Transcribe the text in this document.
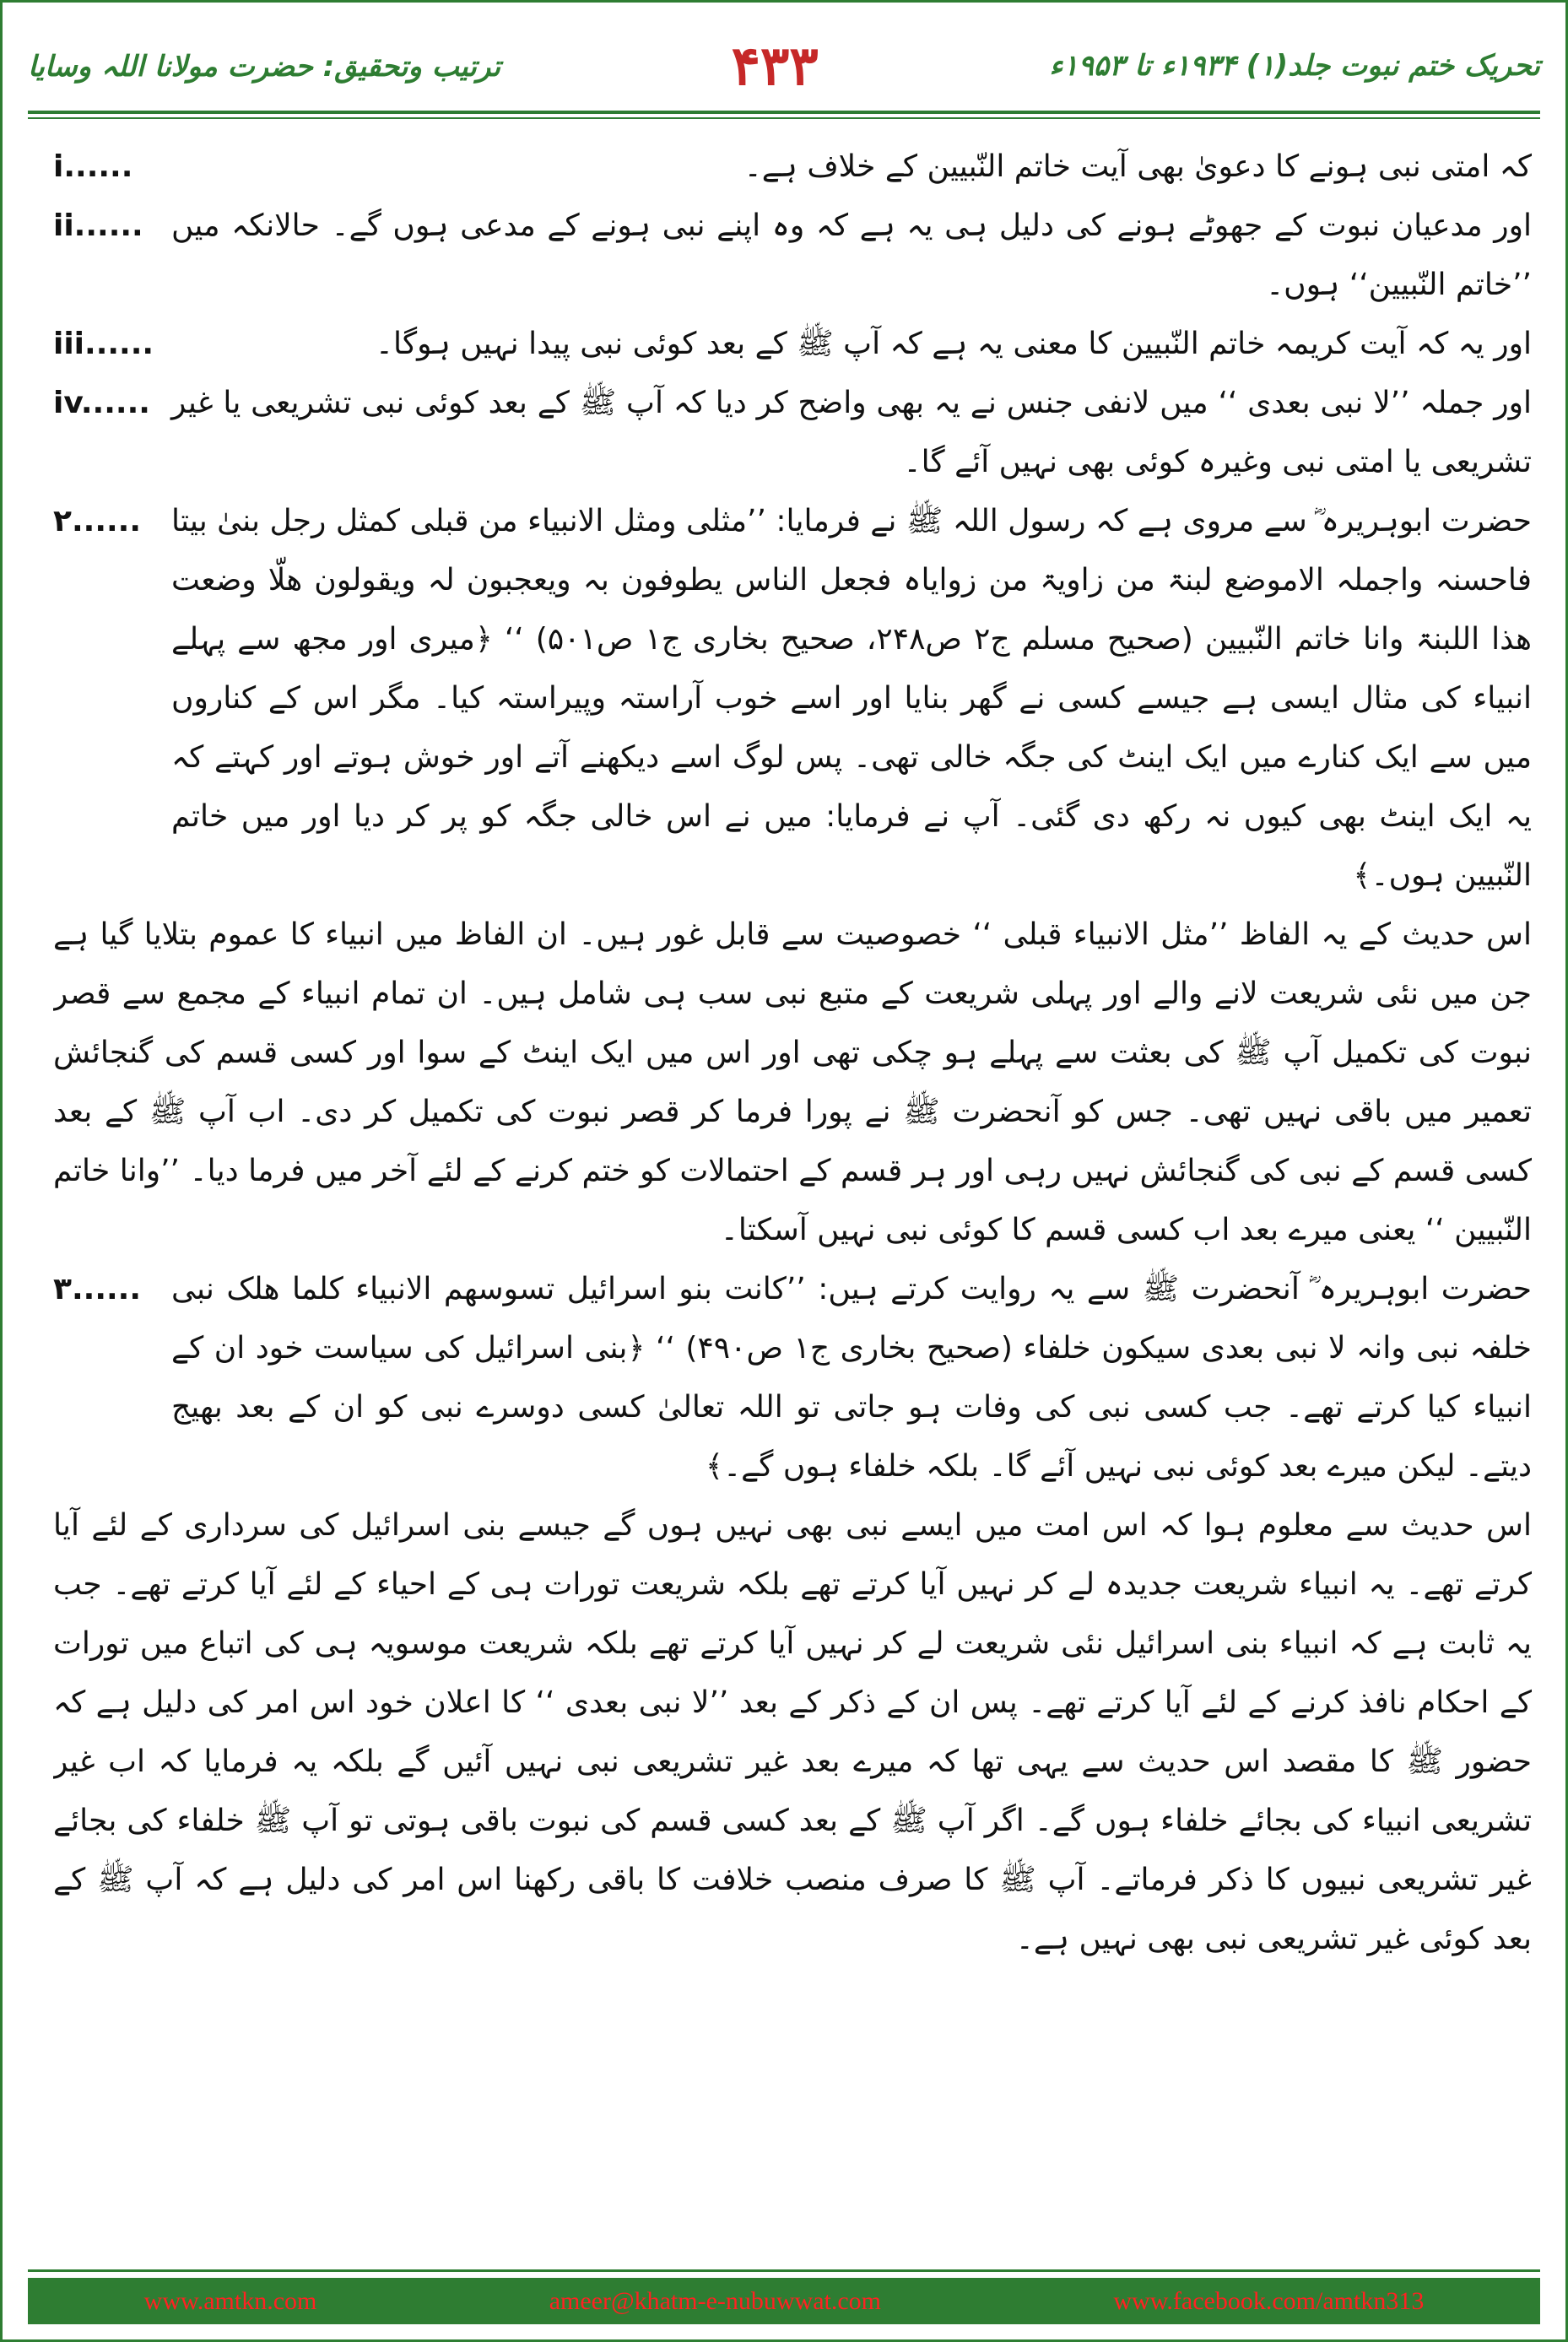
ترتیب وتحقیق: حضرت مولانا اللہ وسایا	۴۳۳	تحریک ختم نبوت جلد(۱) ۱۹۳۴ء تا ۱۹۵۳ء
کہ امتی نبی ہونے کا دعویٰ بھی آیت خاتم النّبیین کے خلاف ہے۔
i......
اور مدعیان نبوت کے جھوٹے ہونے کی دلیل ہی یہ ہے کہ وہ اپنے نبی ہونے کے مدعی ہوں گے۔ حالانکہ میں ’’خاتم النّبیین‘‘ ہوں۔
ii......
اور یہ کہ آیت کریمہ خاتم النّبیین کا معنی یہ ہے کہ آپ ﷺ کے بعد کوئی نبی پیدا نہیں ہوگا۔
iii......
اور جملہ ’’لا نبی بعدی ‘‘ میں لانفی جنس نے یہ بھی واضح کر دیا کہ آپ ﷺ کے بعد کوئی نبی تشریعی یا غیر تشریعی یا امتی نبی وغیرہ کوئی بھی نہیں آئے گا۔
iv......
حضرت ابوہریرہ ؓ سے مروی ہے کہ رسول اللہ ﷺ نے فرمایا: ’’مثلی ومثل الانبیاء من قبلی کمثل رجل بنیٰ بیتا فاحسنہ واجملہ الاموضع لبنۃ من زاویۃ من زوایاہ فجعل الناس یطوفون بہ ویعجبون لہ ویقولون ھلّا وضعت ھذا اللبنۃ وانا خاتم النّبیین (صحیح مسلم ج۲ ص۲۴۸، صحیح بخاری ج۱ ص۵۰۱) ‘‘ ﴿میری اور مجھ سے پہلے انبیاء کی مثال ایسی ہے جیسے کسی نے گھر بنایا اور اسے خوب آراستہ وپیراستہ کیا۔ مگر اس کے کناروں میں سے ایک کنارے میں ایک اینٹ کی جگہ خالی تھی۔ پس لوگ اسے دیکھنے آتے اور خوش ہوتے اور کہتے کہ یہ ایک اینٹ بھی کیوں نہ رکھ دی گئی۔ آپ نے فرمایا: میں نے اس خالی جگہ کو پر کر دیا اور میں خاتم النّبیین ہوں۔﴾
۲......

اس حدیث کے یہ الفاظ ’’مثل الانبیاء قبلی ‘‘ خصوصیت سے قابل غور ہیں۔ ان الفاظ میں انبیاء کا عموم بتلایا گیا ہے جن میں نئی شریعت لانے والے اور پہلی شریعت کے متبع نبی سب ہی شامل ہیں۔ ان تمام انبیاء کے مجمع سے قصر نبوت کی تکمیل آپ ﷺ کی بعثت سے پہلے ہو چکی تھی اور اس میں ایک اینٹ کے سوا اور کسی قسم کی گنجائش تعمیر میں باقی نہیں تھی۔ جس کو آنحضرت ﷺ نے پورا فرما کر قصر نبوت کی تکمیل کر دی۔ اب آپ ﷺ کے بعد کسی قسم کے نبی کی گنجائش نہیں رہی اور ہر قسم کے احتمالات کو ختم کرنے کے لئے آخر میں فرما دیا۔ ’’وانا خاتم النّبیین ‘‘ یعنی میرے بعد اب کسی قسم کا کوئی نبی نہیں آسکتا۔

حضرت ابوہریرہ ؓ آنحضرت ﷺ سے یہ روایت کرتے ہیں: ’’کانت بنو اسرائیل تسوسھم الانبیاء کلما ھلک نبی خلفہ نبی وانہ لا نبی بعدی سیکون خلفاء (صحیح بخاری ج۱ ص۴۹۰) ‘‘ ﴿بنی اسرائیل کی سیاست خود ان کے انبیاء کیا کرتے تھے۔ جب کسی نبی کی وفات ہو جاتی تو اللہ تعالیٰ کسی دوسرے نبی کو ان کے بعد بھیج دیتے۔ لیکن میرے بعد کوئی نبی نہیں آئے گا۔ بلکہ خلفاء ہوں گے۔﴾
۳......

اس حدیث سے معلوم ہوا کہ اس امت میں ایسے نبی بھی نہیں ہوں گے جیسے بنی اسرائیل کی سرداری کے لئے آیا کرتے تھے۔ یہ انبیاء شریعت جدیدہ لے کر نہیں آیا کرتے تھے بلکہ شریعت تورات ہی کے احیاء کے لئے آیا کرتے تھے۔ جب یہ ثابت ہے کہ انبیاء بنی اسرائیل نئی شریعت لے کر نہیں آیا کرتے تھے بلکہ شریعت موسویہ ہی کی اتباع میں تورات کے احکام نافذ کرنے کے لئے آیا کرتے تھے۔ پس ان کے ذکر کے بعد ’’لا نبی بعدی ‘‘ کا اعلان خود اس امر کی دلیل ہے کہ حضور ﷺ کا مقصد اس حدیث سے یہی تھا کہ میرے بعد غیر تشریعی نبی نہیں آئیں گے بلکہ یہ فرمایا کہ اب غیر تشریعی انبیاء کی بجائے خلفاء ہوں گے۔ اگر آپ ﷺ کے بعد کسی قسم کی نبوت باقی ہوتی تو آپ ﷺ خلفاء کی بجائے غیر تشریعی نبیوں کا ذکر فرماتے۔ آپ ﷺ کا صرف منصب خلافت کا باقی رکھنا اس امر کی دلیل ہے کہ آپ ﷺ کے بعد کوئی غیر تشریعی نبی بھی نہیں ہے۔

www.amtkn.com	ameer@khatm-e-nubuwwat.com	www.facebook.com/amtkn313
